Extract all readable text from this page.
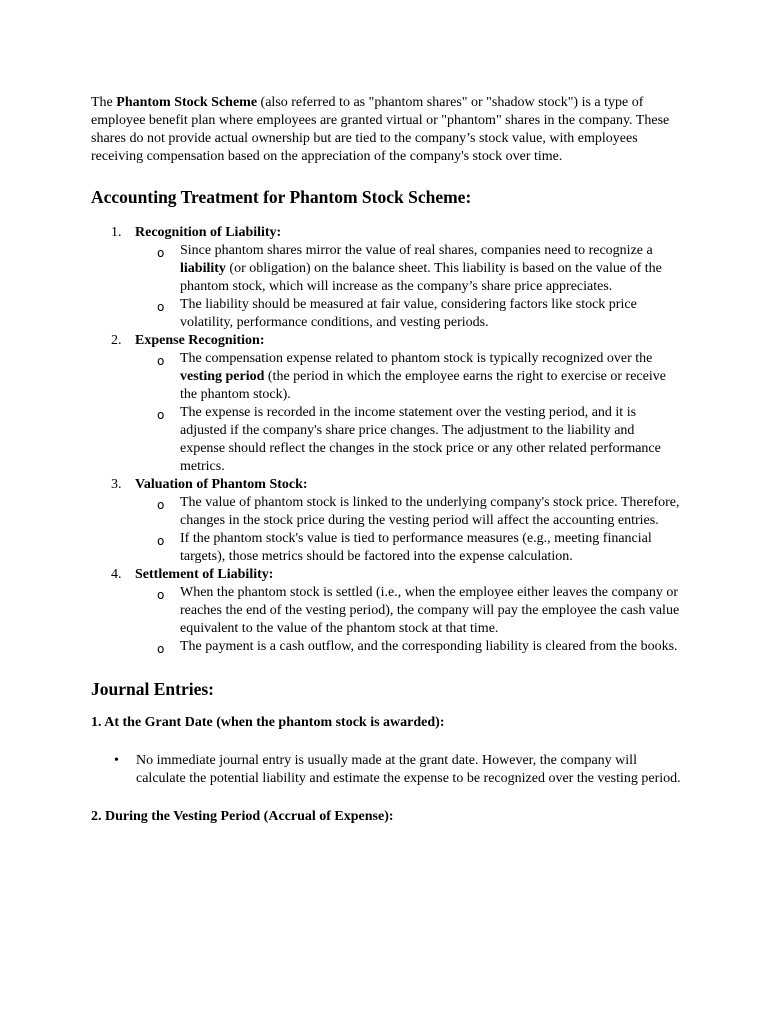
The Phantom Stock Scheme (also referred to as "phantom shares" or "shadow stock") is a type of employee benefit plan where employees are granted virtual or "phantom" shares in the company. These shares do not provide actual ownership but are tied to the company’s stock value, with employees receiving compensation based on the appreciation of the company's stock over time.

Accounting Treatment for Phantom Stock Scheme:
1. Recognition of Liability:
o Since phantom shares mirror the value of real shares, companies need to recognize a liability (or obligation) on the balance sheet. This liability is based on the value of the phantom stock, which will increase as the company’s share price appreciates.
o The liability should be measured at fair value, considering factors like stock price volatility, performance conditions, and vesting periods.
2. Expense Recognition:
o The compensation expense related to phantom stock is typically recognized over the vesting period (the period in which the employee earns the right to exercise or receive the phantom stock).
o The expense is recorded in the income statement over the vesting period, and it is adjusted if the company's share price changes. The adjustment to the liability and expense should reflect the changes in the stock price or any other related performance metrics.
3. Valuation of Phantom Stock:
o The value of phantom stock is linked to the underlying company's stock price. Therefore, changes in the stock price during the vesting period will affect the accounting entries.
o If the phantom stock's value is tied to performance measures (e.g., meeting financial targets), those metrics should be factored into the expense calculation.
4. Settlement of Liability:
o When the phantom stock is settled (i.e., when the employee either leaves the company or reaches the end of the vesting period), the company will pay the employee the cash value equivalent to the value of the phantom stock at that time.
o The payment is a cash outflow, and the corresponding liability is cleared from the books.
Journal Entries:

1. At the Grant Date (when the phantom stock is awarded):

• No immediate journal entry is usually made at the grant date. However, the company will calculate the potential liability and estimate the expense to be recognized over the vesting period.

2. During the Vesting Period (Accrual of Expense):
